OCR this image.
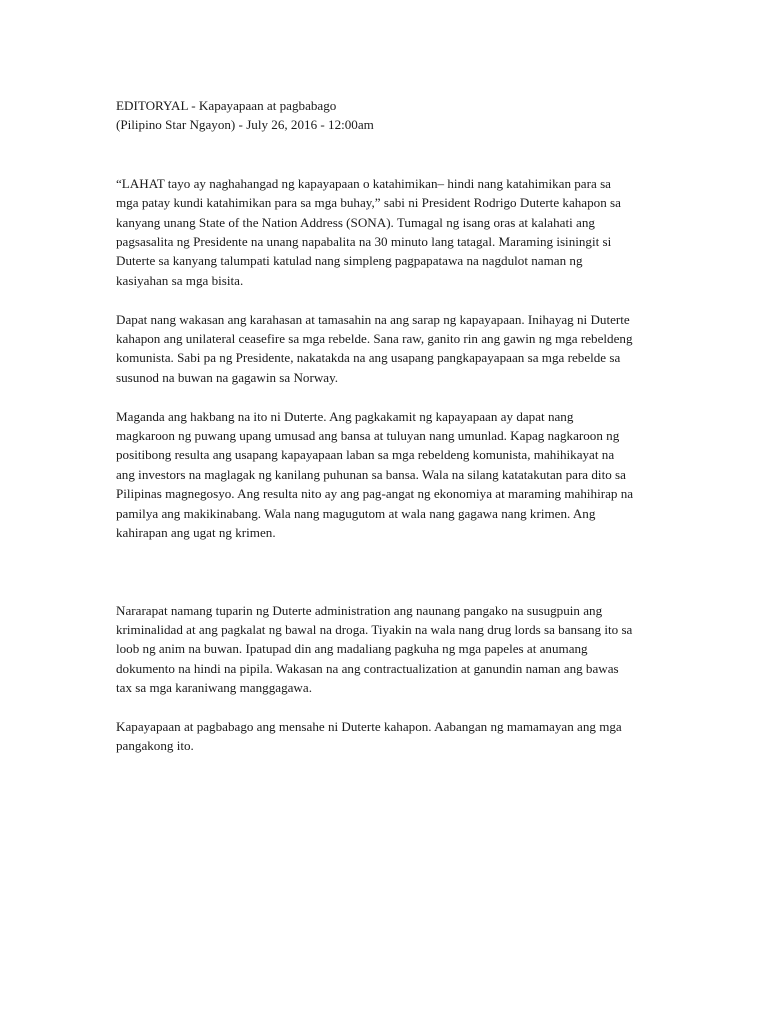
EDITORYAL - Kapayapaan at pagbabago
(Pilipino Star Ngayon) - July 26, 2016 - 12:00am

“LAHAT tayo ay naghahangad ng kapayapaan o katahimikan– hindi nang katahimikan para sa
mga patay kundi katahimikan para sa mga buhay,” sabi ni President Rodrigo Duterte kahapon sa
kanyang unang State of the Nation Address (SONA). Tumagal ng isang oras at kalahati ang
pagsasalita ng Presidente na unang napabalita na 30 minuto lang tatagal. Maraming isiningit si
Duterte sa kanyang talumpati katulad nang simpleng pagpapatawa na nagdulot naman ng
kasiyahan sa mga bisita.

Dapat nang wakasan ang karahasan at tamasahin na ang sarap ng kapayapaan. Inihayag ni Duterte
kahapon ang unilateral ceasefire sa mga rebelde. Sana raw, ganito rin ang gawin ng mga rebeldeng
komunista. Sabi pa ng Presidente, nakatakda na ang usapang pangkapayapaan sa mga rebelde sa
susunod na buwan na gagawin sa Norway.

Maganda ang hakbang na ito ni Duterte. Ang pagkakamit ng kapayapaan ay dapat nang
magkaroon ng puwang upang umusad ang bansa at tuluyan nang umunlad. Kapag nagkaroon ng
positibong resulta ang usapang kapayapaan laban sa mga rebeldeng komunista, mahihikayat na
ang investors na maglagak ng kanilang puhunan sa bansa. Wala na silang katatakutan para dito sa
Pilipinas magnegosyo. Ang resulta nito ay ang pag-angat ng ekonomiya at maraming mahihirap na
pamilya ang makikinabang. Wala nang magugutom at wala nang gagawa nang krimen. Ang
kahirapan ang ugat ng krimen.

Nararapat namang tuparin ng Duterte administration ang naunang pangako na susugpuin ang
kriminalidad at ang pagkalat ng bawal na droga. Tiyakin na wala nang drug lords sa bansang ito sa
loob ng anim na buwan. Ipatupad din ang madaliang pagkuha ng mga papeles at anumang
dokumento na hindi na pipila. Wakasan na ang contractualization at ganundin naman ang bawas
tax sa mga karaniwang manggagawa.

Kapayapaan at pagbabago ang mensahe ni Duterte kahapon. Aabangan ng mamamayan ang mga
pangakong ito.
